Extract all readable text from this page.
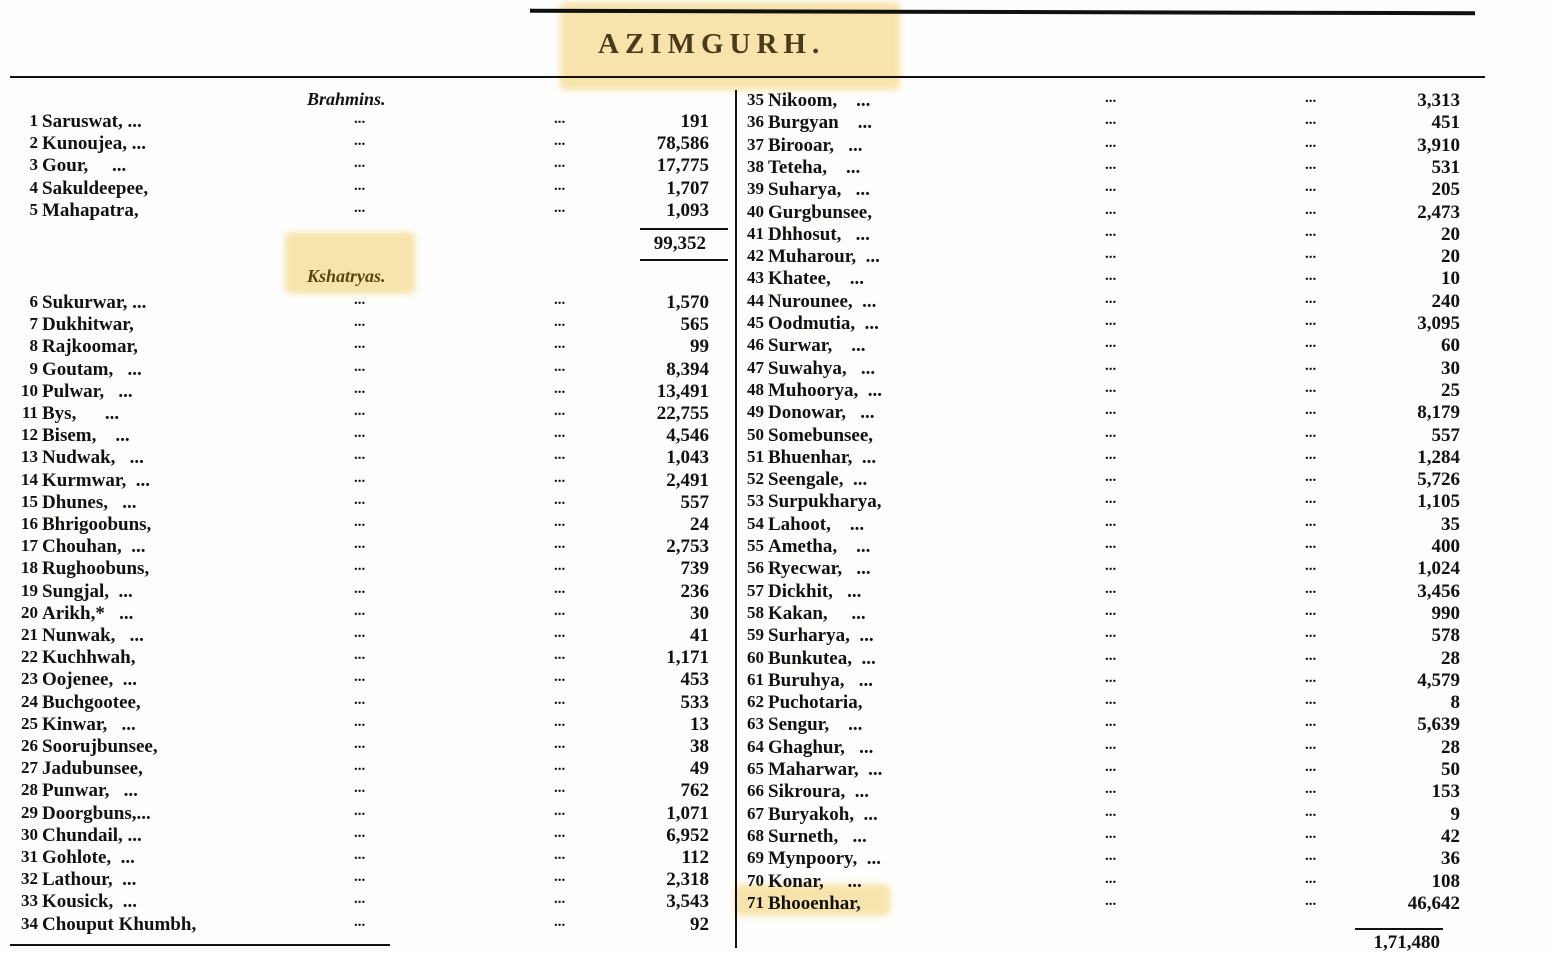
AZIMGURH.
Brahmins.
99,352
Kshatryas.
1 Saruswat, ...	...	...	191
2 Kunoujea, ...	...	...	78,586
3 Gour,     ...	...	...	17,775
4 Sakuldeepee,	...	...	1,707
5 Mahapatra,	...	...	1,093
6 Sukurwar, ...	...	...	1,570
7 Dukhitwar,	...	...	565
8 Rajkoomar,	...	...	99
9 Goutam,   ...	...	...	8,394
10 Pulwar,   ...	...	...	13,491
11 Bys,      ...	...	...	22,755
12 Bisem,    ...	...	...	4,546
13 Nudwak,   ...	...	...	1,043
14 Kurmwar,  ...	...	...	2,491
15 Dhunes,   ...	...	...	557
16 Bhrigoobuns,	...	...	24
17 Chouhan,  ...	...	...	2,753
18 Rughoobuns,	...	...	739
19 Sungjal,  ...	...	...	236
20 Arikh,*   ...	...	...	30
21 Nunwak,   ...	...	...	41
22 Kuchhwah,	...	...	1,171
23 Oojenee,  ...	...	...	453
24 Buchgootee,	...	...	533
25 Kinwar,   ...	...	...	13
26 Soorujbunsee,	...	...	38
27 Jadubunsee,	...	...	49
28 Punwar,   ...	...	...	762
29 Doorgbuns,...	...	...	1,071
30 Chundail, ...	...	...	6,952
31 Gohlote,  ...	...	...	112
32 Lathour,  ...	...	...	2,318
33 Kousick,  ...	...	...	3,543
34 Chouput Khumbh,	...	...	92
35 Nikoom,    ...	...	...	3,313
36 Burgyan    ...	...	...	451
37 Birooar,   ...	...	...	3,910
38 Teteha,    ...	...	...	531
39 Suharya,   ...	...	...	205
40 Gurgbunsee,	...	...	2,473
41 Dhhosut,   ...	...	...	20
42 Muharour,  ...	...	...	20
43 Khatee,    ...	...	...	10
44 Nurounee,  ...	...	...	240
45 Oodmutia,  ...	...	...	3,095
46 Surwar,    ...	...	...	60
47 Suwahya,   ...	...	...	30
48 Muhoorya,  ...	...	...	25
49 Donowar,   ...	...	...	8,179
50 Somebunsee,	...	...	557
51 Bhuenhar,  ...	...	...	1,284
52 Seengale,  ...	...	...	5,726
53 Surpukharya,	...	...	1,105
54 Lahoot,    ...	...	...	35
55 Ametha,    ...	...	...	400
56 Ryecwar,   ...	...	...	1,024
57 Dickhit,   ...	...	...	3,456
58 Kakan,     ...	...	...	990
59 Surharya,  ...	...	...	578
60 Bunkutea,  ...	...	...	28
61 Buruhya,   ...	...	...	4,579
62 Puchotaria,	...	...	8
63 Sengur,    ...	...	...	5,639
64 Ghaghur,   ...	...	...	28
65 Maharwar,  ...	...	...	50
66 Sikroura,  ...	...	...	153
67 Buryakoh,  ...	...	...	9
68 Surneth,   ...	...	...	42
69 Mynpoory,  ...	...	...	36
70 Konar,     ...	...	...	108
71 Bhooenhar,	...	...	46,642
1,71,480
